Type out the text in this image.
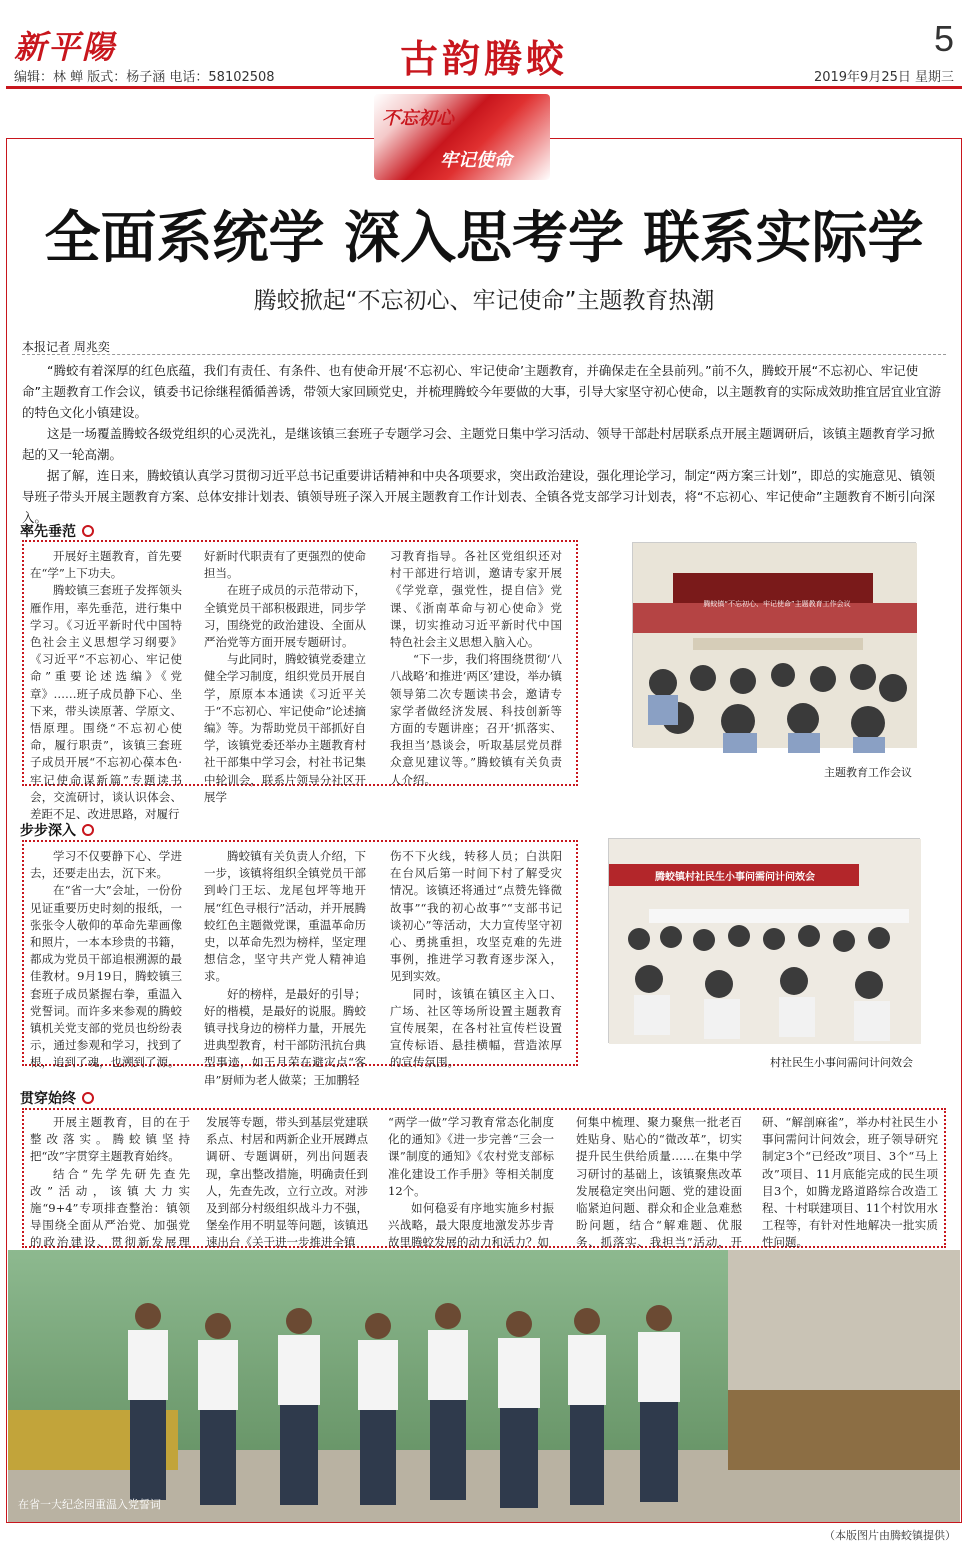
新平陽	古韵腾蛟	5
编辑：林 蝉 版式：杨子涵 电话：58102508	2019年9月25日 星期三
不忘初心
牢记使命
全面系统学 深入思考学 联系实际学
腾蛟掀起“不忘初心、牢记使命”主题教育热潮
本报记者 周兆奕

“腾蛟有着深厚的红色底蕴，我们有责任、有条件、也有使命开展‘不忘初心、牢记使命’主题教育，并确保走在全县前列。”前不久，腾蛟开展“不忘初心、牢记使命”主题教育工作会议，镇委书记徐继程循循善诱，带领大家回顾党史，并梳理腾蛟今年要做的大事，引导大家坚守初心使命，以主题教育的实际成效助推宜居宜业宜游的特色文化小镇建设。

这是一场覆盖腾蛟各级党组织的心灵洗礼，是继该镇三套班子专题学习会、主题党日集中学习活动、领导干部赴村居联系点开展主题调研后，该镇主题教育学习掀起的又一轮高潮。

据了解，连日来，腾蛟镇认真学习贯彻习近平总书记重要讲话精神和中央各项要求，突出政治建设，强化理论学习，制定“两方案三计划”，即总的实施意见、镇领导班子带头开展主题教育方案、总体安排计划表、镇领导班子深入开展主题教育工作计划表、全镇各党支部学习计划表，将“不忘初心、牢记使命”主题教育不断引向深入。

率先垂范

开展好主题教育，首先要在“学”上下功夫。

腾蛟镇三套班子发挥领头雁作用，率先垂范，进行集中学习。《习近平新时代中国特色社会主义思想学习纲要》《习近平“不忘初心、牢记使命”重要论述选编》《党章》……班子成员静下心、坐下来，带头读原著、学原文、悟原理。围绕“不忘初心使命，履行职责”，该镇三套班子成员开展“不忘初心葆本色·牢记使命谋新篇”专题读书会，交流研讨，谈认识体会、差距不足、改进思路，对履行

好新时代职责有了更强烈的使命担当。

在班子成员的示范带动下，全镇党员干部积极跟进，同步学习，围绕党的政治建设、全面从严治党等方面开展专题研讨。

与此同时，腾蛟镇党委建立健全学习制度，组织党员开展自学，原原本本通读《习近平关于“不忘初心、牢记使命”论述摘编》等。为帮助党员干部抓好自学，该镇党委还举办主题教育村社干部集中学习会，村社书记集中轮训会，联系片领导分社区开展学

习教育指导。各社区党组织还对村干部进行培训，邀请专家开展《学党章，强党性，提自信》党课、《浙南革命与初心使命》党课，切实推动习近平新时代中国特色社会主义思想入脑入心。

“下一步，我们将围绕贯彻‘八八战略’和推进‘两区’建设，举办镇领导第二次专题读书会，邀请专家学者做经济发展、科技创新等方面的专题讲座；召开‘抓落实、我担当’恳谈会，听取基层党员群众意见建议等。”腾蛟镇有关负责人介绍。

腾蛟镇“不忘初心、牢记使命”主题教育工作会议
主题教育工作会议
步步深入

学习不仅要静下心、学进去，还要走出去，沉下来。

在“省一大”会址，一份份见证重要历史时刻的报纸，一张张令人敬仰的革命先辈画像和照片，一本本珍贵的书籍，都成为党员干部追根溯源的最佳教材。9月19日，腾蛟镇三套班子成员紧握右拳，重温入党誓词。而许多来参观的腾蛟镇机关党支部的党员也纷纷表示，通过参观和学习，找到了根，追到了魂，也溯到了源。

腾蛟镇有关负责人介绍，下一步，该镇将组织全镇党员干部到岭门王坛、龙尾包坪等地开展“红色寻根行”活动，并开展腾蛟红色主题微党课，重温革命历史，以革命先烈为榜样，坚定理想信念，坚守共产党人精神追求。

好的榜样，是最好的引导；好的楷模，是最好的说服。腾蛟镇寻找身边的榜样力量，开展先进典型教育，村干部防汛抗台典型事迹，如王月荣在避灾点“客串”厨师为老人做菜；王加鹏轻

伤不下火线，转移人员；白洪阳在台风后第一时间下村了解受灾情况。该镇还将通过“点赞先锋微故事”“我的初心故事”“支部书记谈初心”等活动，大力宣传坚守初心、勇挑重担，攻坚克难的先进事例，推进学习教育逐步深入，见到实效。

同时，该镇在镇区主入口、广场、社区等场所设置主题教育宣传展架，在各村社宣传栏设置宣传标语、悬挂横幅，营造浓厚的宣传氛围。

腾蛟镇村社民生小事问需问计问效会
村社民生小事问需问计问效会
贯穿始终

开展主题教育，目的在于整改落实。腾蛟镇坚持把“改”字贯穿主题教育始终。

结合“先学先研先查先改”活动，该镇大力实施“9+4”专项排查整治：镇领导围绕全面从严治党、加强党的政治建设、贯彻新发展理

发展等专题，带头到基层党建联系点、村居和两新企业开展蹲点调研、专题调研，列出问题表现，拿出整改措施，明确责任到人，先查先改，立行立改。对涉及到部分村级组织战斗力不强，堡垒作用不明显等问题，该镇迅速出台《关于进一步推进全镇

“两学一做”学习教育常态化制度化的通知》《进一步完善“三会一课”制度的通知》《农村党支部标准化建设工作手册》等相关制度12个。

如何稳妥有序地实施乡村振兴战略，最大限度地激发苏步青故里腾蛟发展的动力和活力？如

何集中梳理、聚力聚焦一批老百姓贴身、贴心的“微改革”，切实提升民生供给质量……在集中学习研讨的基础上，该镇聚焦改革发展稳定突出问题、党的建设面临紧迫问题、群众和企业急难愁盼问题，结合“解难题、优服务、抓落实、我担当”活动，开

研、“解剖麻雀”，举办村社民生小事问需问计问效会，班子领导研究制定3个“已经改”项目、3个“马上改”项目、11月底能完成的民生项目3个，如腾龙路道路综合改造工程、十村联建项目、11个村饮用水工程等，有针对性地解决一批实质性问题。

在省一大纪念园重温入党誓词
（本版图片由腾蛟镇提供）
